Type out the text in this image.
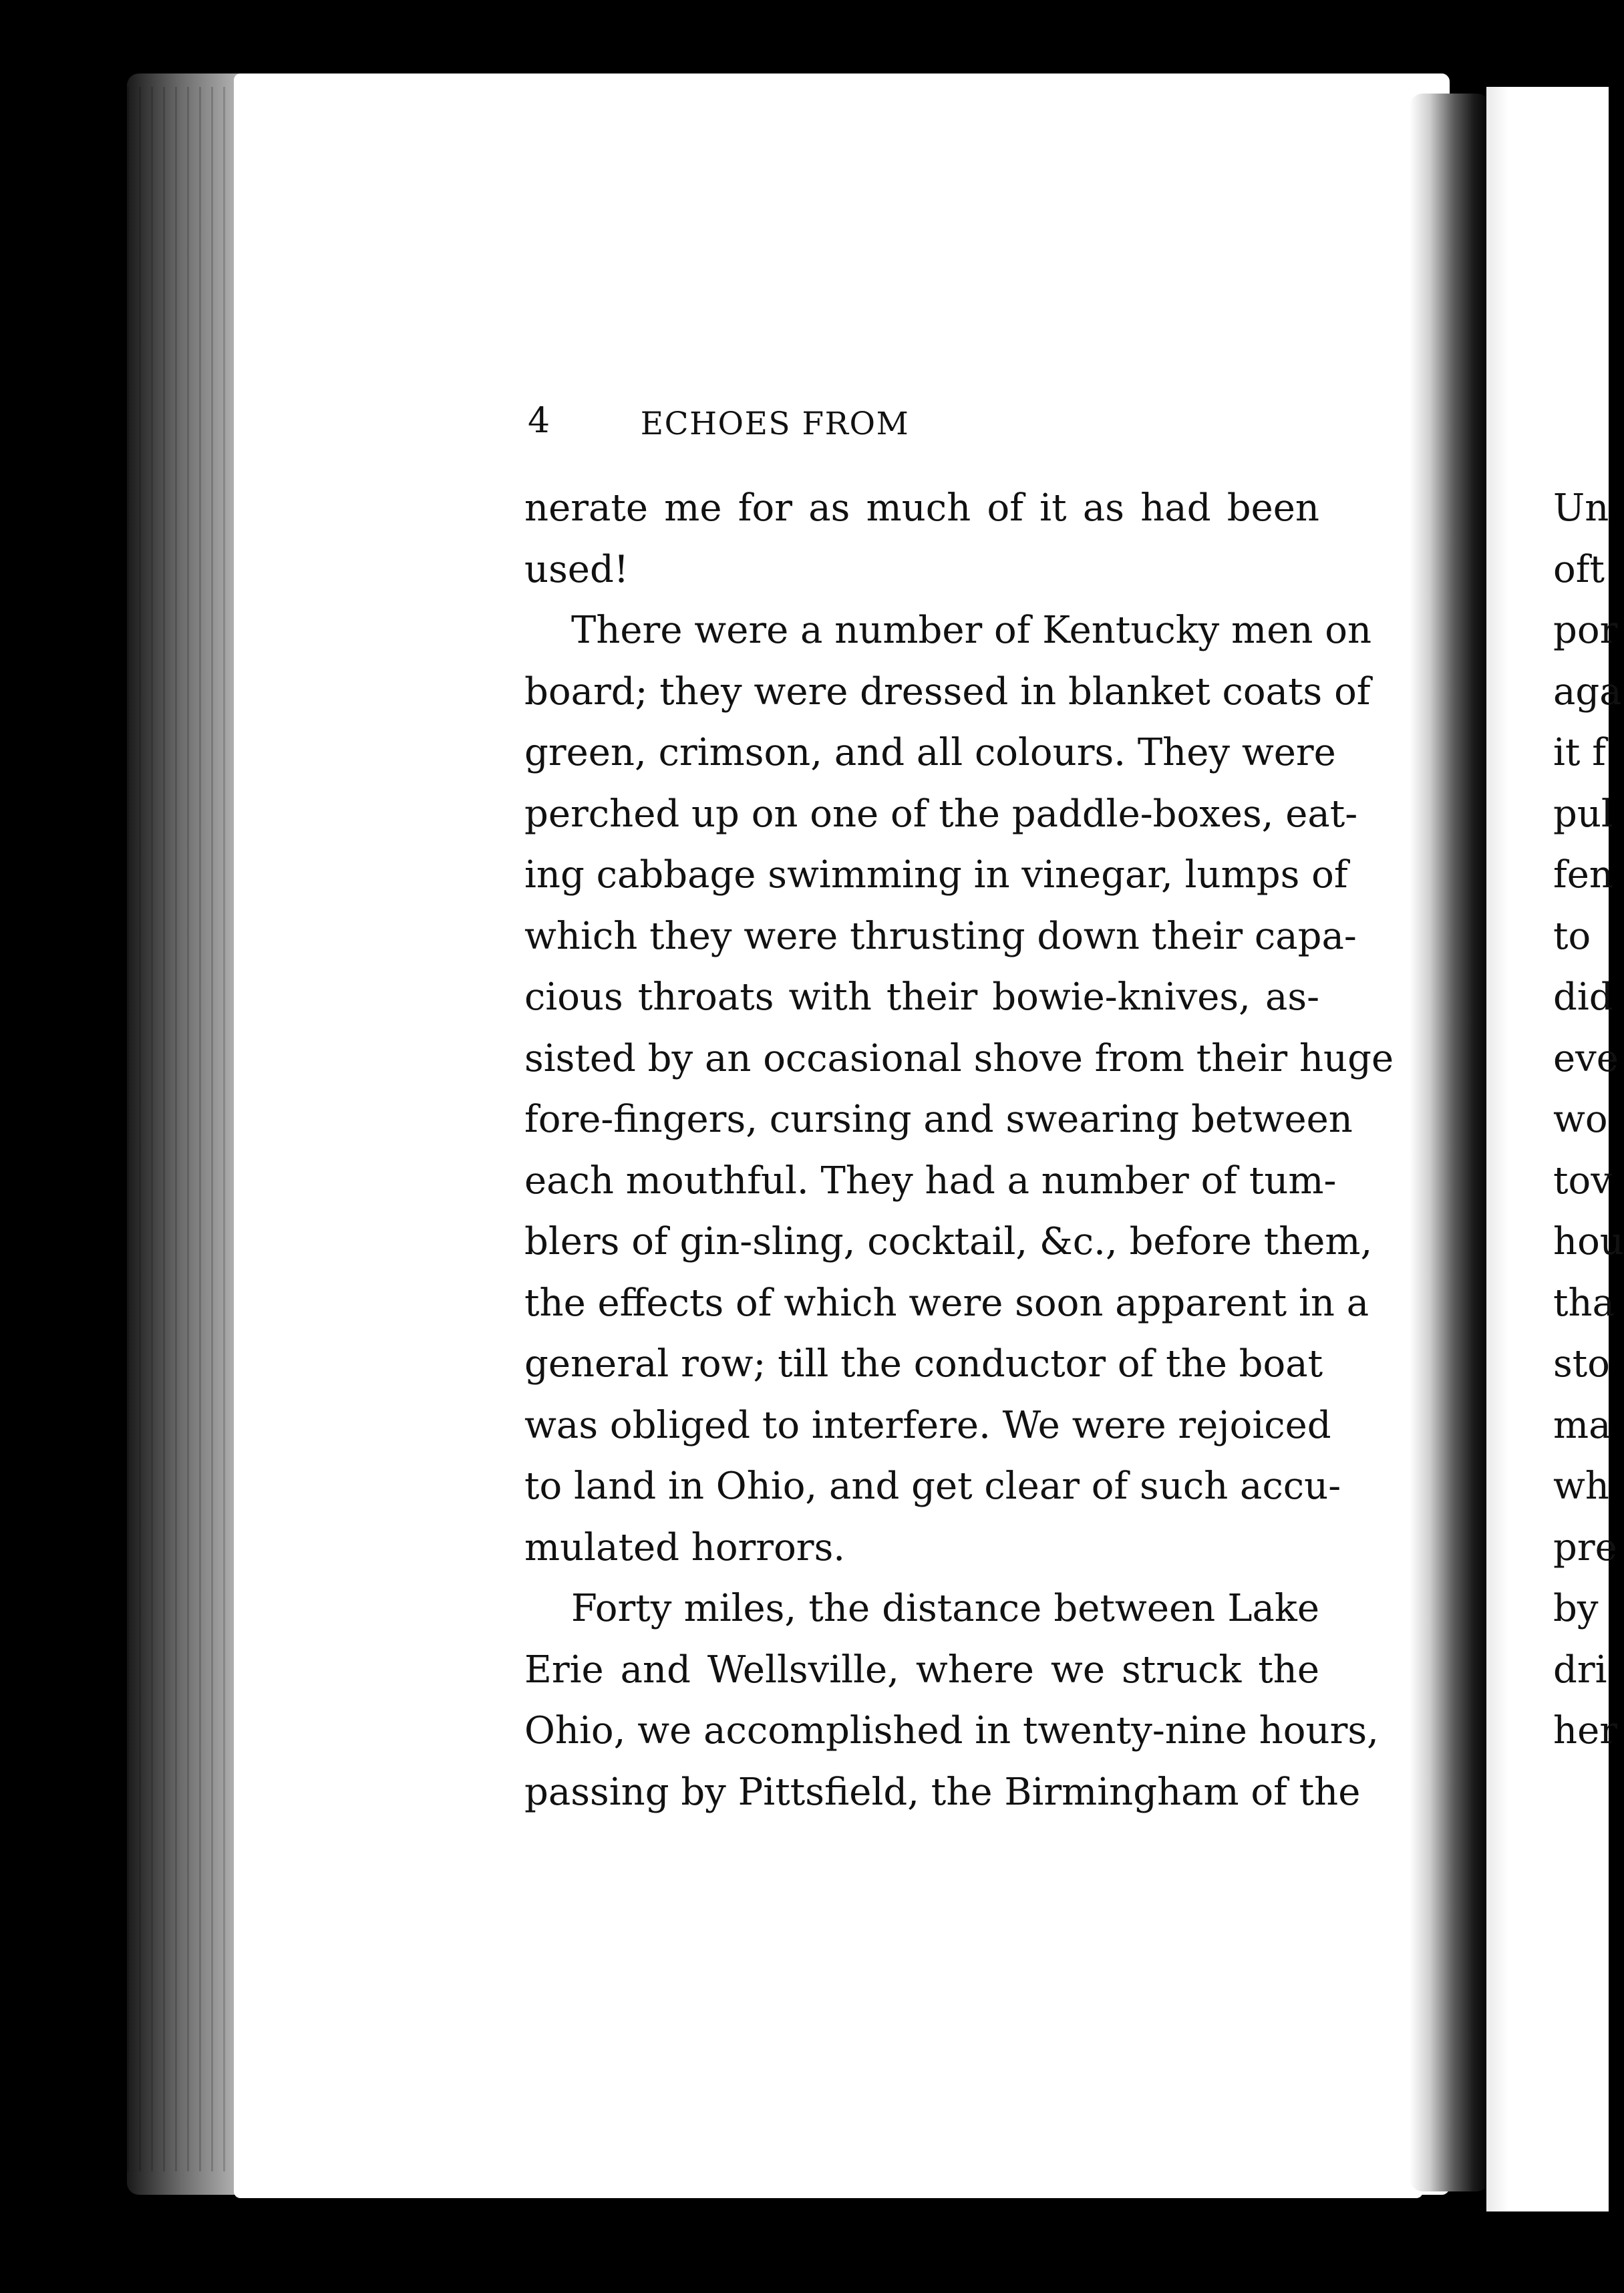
4	ECHOES FROM
nerate me for as much of it as had been
used!
There were a number of Kentucky men on
board; they were dressed in blanket coats of
green, crimson, and all colours. They were
perched up on one of the paddle-boxes, eat-
ing cabbage swimming in vinegar, lumps of
which they were thrusting down their capa-
cious throats with their bowie-knives, as-
sisted by an occasional shove from their huge
fore-fingers, cursing and swearing between
each mouthful. They had a number of tum-
blers of gin-sling, cocktail, &c., before them,
the effects of which were soon apparent in a
general row; till the conductor of the boat
was obliged to interfere. We were rejoiced
to land in Ohio, and get clear of such accu-
mulated horrors.
Forty miles, the distance between Lake
Erie and Wellsville, where we struck the
Ohio, we accomplished in twenty-nine hours,
passing by Pittsfield, the Birmingham of the
Un
oft
por
aga
it f
pul
fen
to
did
eve
wo
tov
hou
tha
sto
ma
wh
pre
by
dri
her
